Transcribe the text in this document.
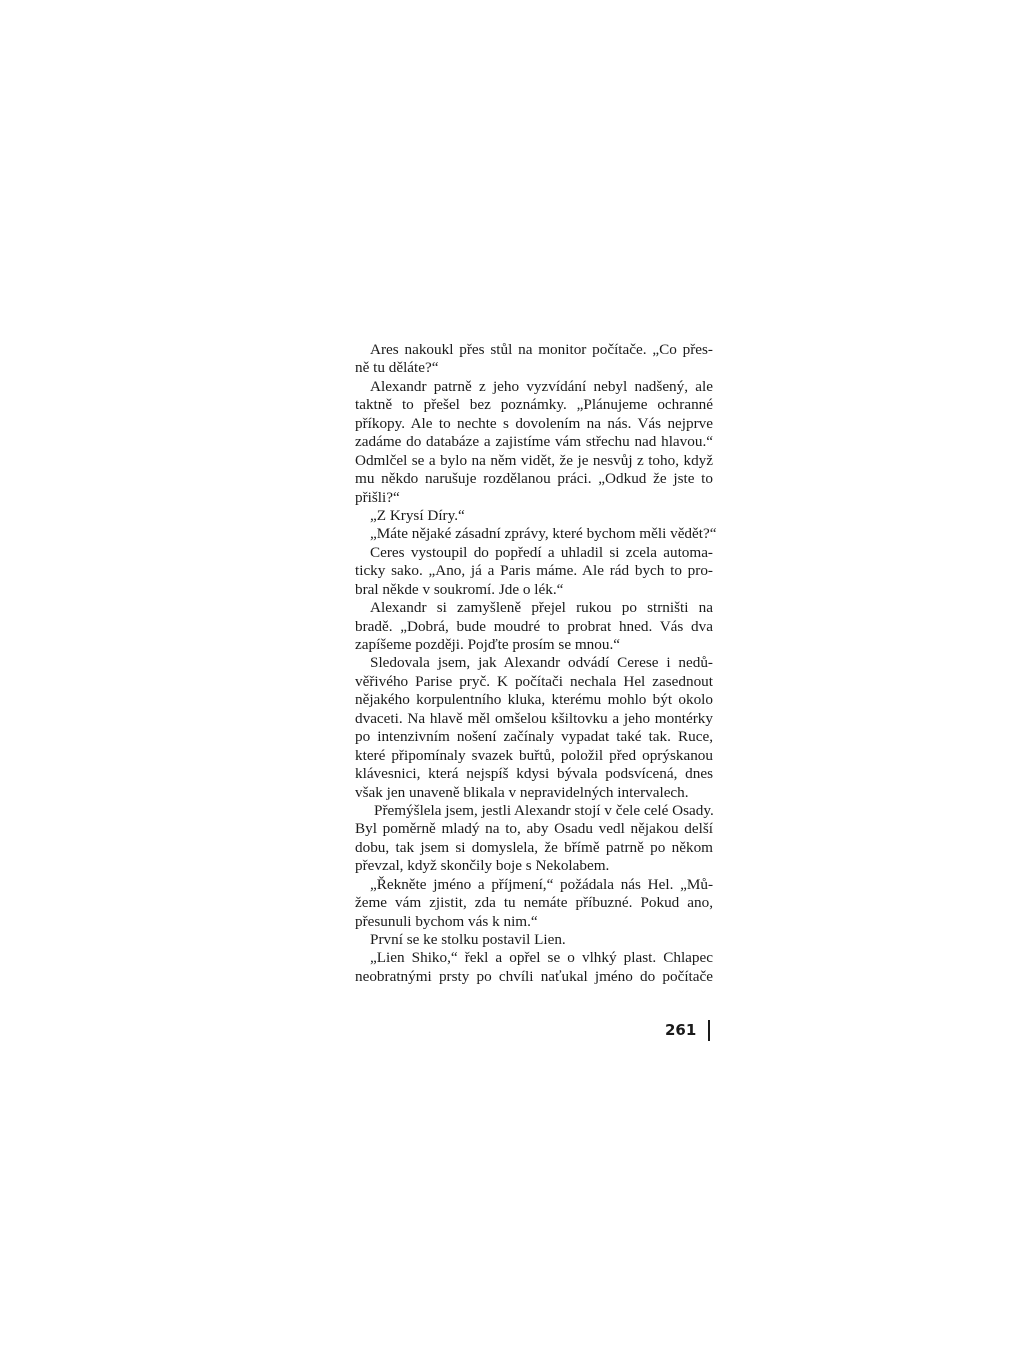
Ares nakoukl přes stůl na monitor počítače. „Co přes-
ně tu děláte?“
Alexandr patrně z jeho vyzvídání nebyl nadšený, ale
taktně to přešel bez poznámky. „Plánujeme ochranné
příkopy. Ale to nechte s dovolením na nás. Vás nejprve
zadáme do databáze a zajistíme vám střechu nad hlavou.“
Odmlčel se a bylo na něm vidět, že je nesvůj z toho, když
mu někdo narušuje rozdělanou práci. „Odkud že jste to
přišli?“
„Z Krysí Díry.“
„Máte nějaké zásadní zprávy, které bychom měli vědět?“
Ceres vystoupil do popředí a uhladil si zcela automa-
ticky sako. „Ano, já a Paris máme. Ale rád bych to pro-
bral někde v soukromí. Jde o lék.“
Alexandr si zamyšleně přejel rukou po strništi na
bradě. „Dobrá, bude moudré to probrat hned. Vás dva
zapíšeme později. Pojďte prosím se mnou.“
Sledovala jsem, jak Alexandr odvádí Cerese i nedů-
věřivého Parise pryč. K počítači nechala Hel zasednout
nějakého korpulentního kluka, kterému mohlo být okolo
dvaceti. Na hlavě měl omšelou kšiltovku a jeho montérky
po intenzivním nošení začínaly vypadat také tak. Ruce,
které připomínaly svazek buřtů, položil před oprýskanou
klávesnici, která nejspíš kdysi bývala podsvícená, dnes
však jen unaveně blikala v nepravidelných intervalech.
Přemýšlela jsem, jestli Alexandr stojí v čele celé Osady.
Byl poměrně mladý na to, aby Osadu vedl nějakou delší
dobu, tak jsem si domyslela, že břímě patrně po někom
převzal, když skončily boje s Nekolabem.
„Řekněte jméno a příjmení,“ požádala nás Hel. „Mů-
žeme vám zjistit, zda tu nemáte příbuzné. Pokud ano,
přesunuli bychom vás k nim.“
První se ke stolku postavil Lien.
„Lien Shiko,“ řekl a opřel se o vlhký plast. Chlapec
neobratnými prsty po chvíli naťukal jméno do počítače
261
